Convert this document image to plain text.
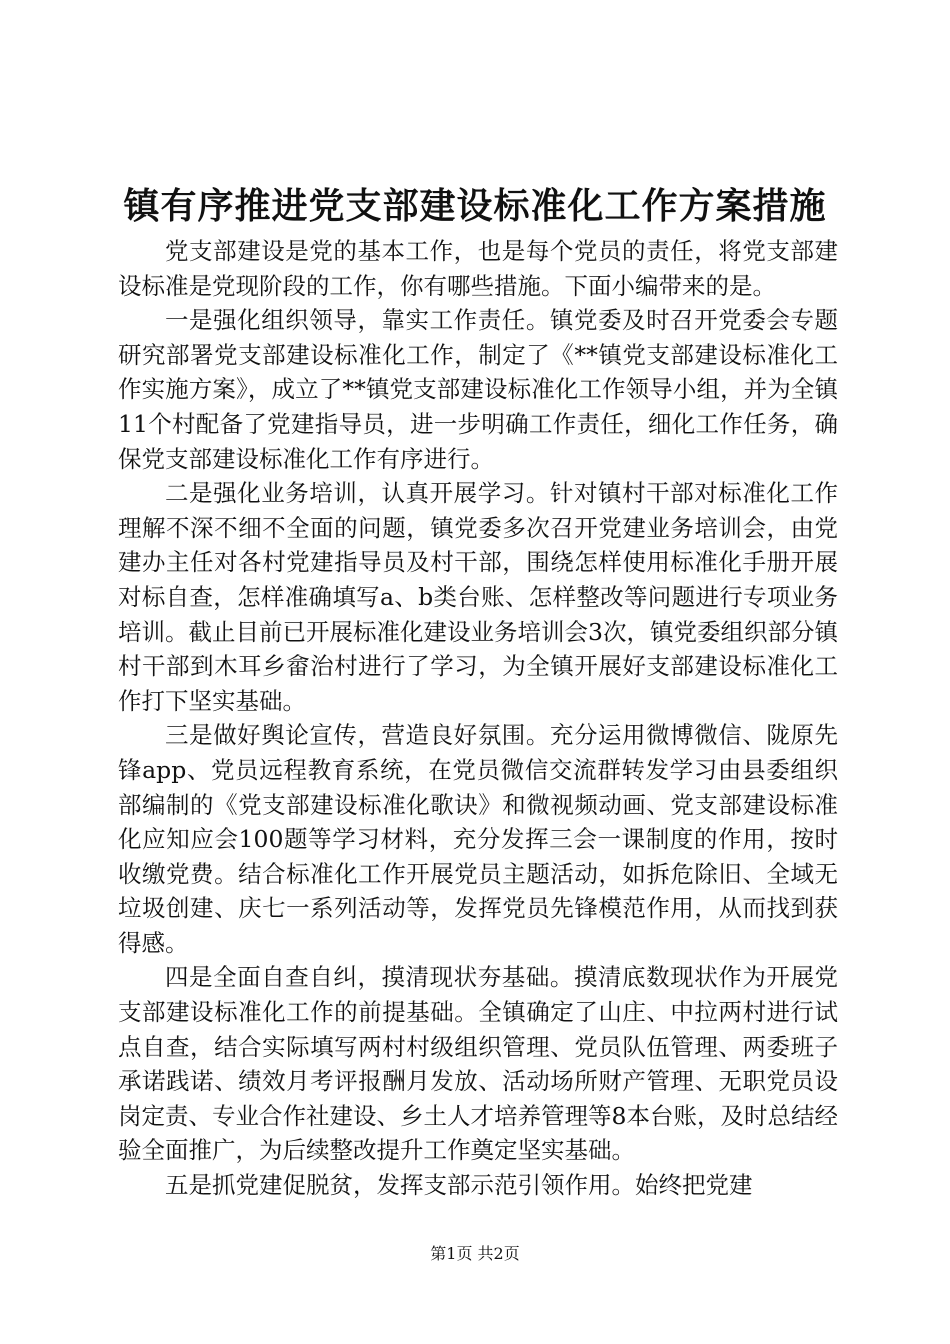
镇有序推进党支部建设标准化工作方案措施

党支部建设是党的基本工作，也是每个党员的责任，将党支部建设标准是党现阶段的工作，你有哪些措施。下面小编带来的是。

一是强化组织领导，靠实工作责任。镇党委及时召开党委会专题研究部署党支部建设标准化工作，制定了《**镇党支部建设标准化工作实施方案》，成立了**镇党支部建设标准化工作领导小组，并为全镇11个村配备了党建指导员，进一步明确工作责任，细化工作任务，确保党支部建设标准化工作有序进行。

二是强化业务培训，认真开展学习。针对镇村干部对标准化工作理解不深不细不全面的问题，镇党委多次召开党建业务培训会，由党建办主任对各村党建指导员及村干部，围绕怎样使用标准化手册开展对标自查，怎样准确填写a、b类台账、怎样整改等问题进行专项业务培训。截止目前已开展标准化建设业务培训会3次，镇党委组织部分镇村干部到木耳乡畲治村进行了学习，为全镇开展好支部建设标准化工作打下坚实基础。

三是做好舆论宣传，营造良好氛围。充分运用微博微信、陇原先锋app、党员远程教育系统，在党员微信交流群转发学习由县委组织部编制的《党支部建设标准化歌诀》和微视频动画、党支部建设标准化应知应会100题等学习材料，充分发挥三会一课制度的作用，按时收缴党费。结合标准化工作开展党员主题活动，如拆危除旧、全域无垃圾创建、庆七一系列活动等，发挥党员先锋模范作用，从而找到获得感。

四是全面自查自纠，摸清现状夯基础。摸清底数现状作为开展党支部建设标准化工作的前提基础。全镇确定了山庄、中拉两村进行试点自查，结合实际填写两村村级组织管理、党员队伍管理、两委班子承诺践诺、绩效月考评报酬月发放、活动场所财产管理、无职党员设岗定责、专业合作社建设、乡土人才培养管理等8本台账，及时总结经验全面推广，为后续整改提升工作奠定坚实基础。

五是抓党建促脱贫，发挥支部示范引领作用。始终把党建

第1页 共2页
